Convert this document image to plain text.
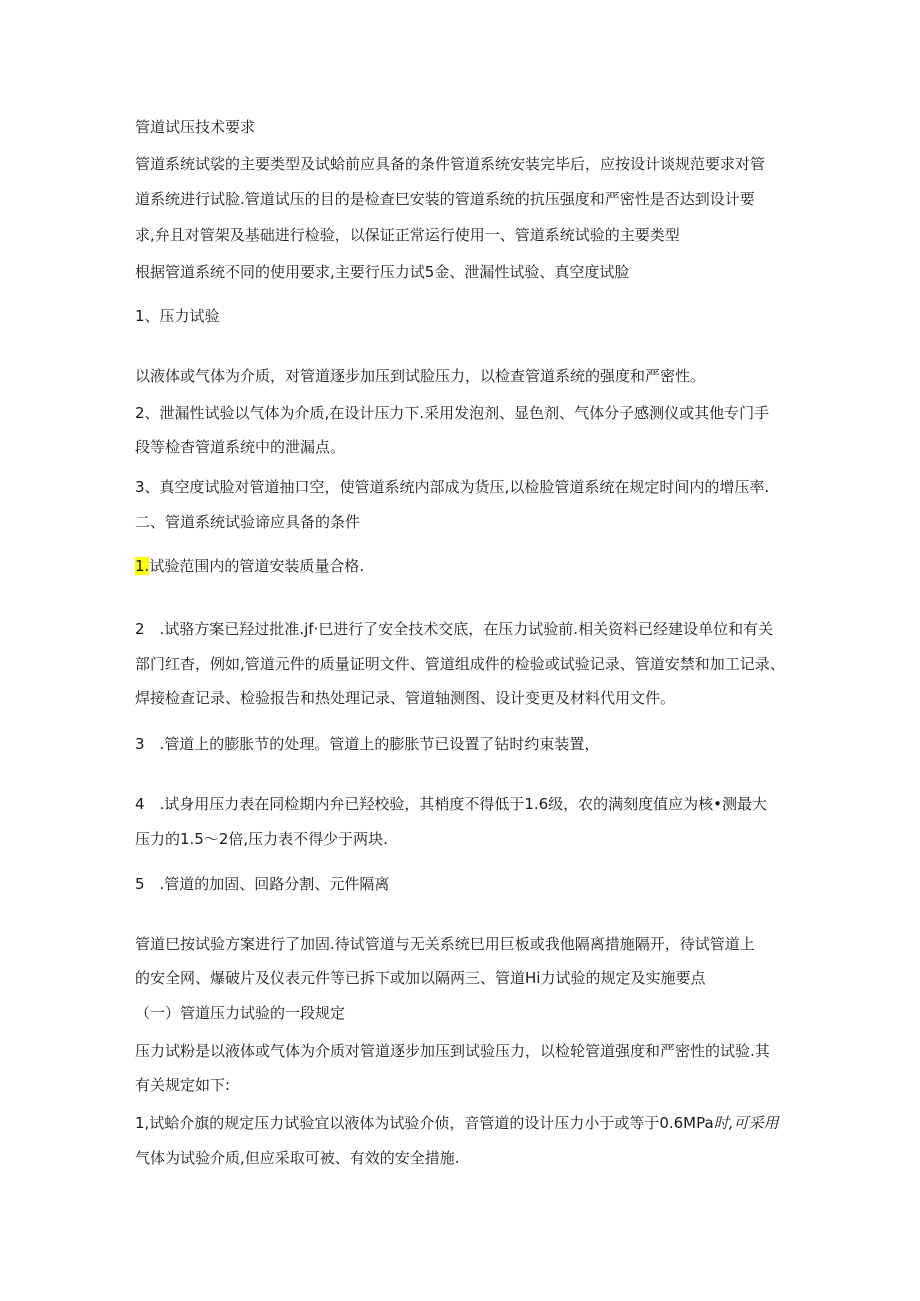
管道试压技术要求
管道系统试裟的主要类型及试蛤前应具备的条件管道系统安装完毕后，应按设计谈规范要求对管
道系统进行试脸.管道试压的目的是检查巳安装的管道系统的抗压强度和严密性是否达到设计要
求,弁且对管架及基础进行检验，以保证正常运行使用一、管道系统试验的主要类型
根据管道系统不同的使用要求,主要行压力试5金、泄漏性试验、真空度试脸
1、压力试验
以液体或气体为介质，对管道逐步加压到试脸压力，以检查管道系统的强度和严密性。
2、泄漏性试验以气体为介质,在设计压力下.采用发泡剂、显色剂、气体分子感测仪或其他专门手
段等检杳管道系统中的泄漏点。
3、真空度试脸对管道抽口空，使管道系统内部成为货压,以检脸管道系统在规定时间内的增压率.
二、管道系统试验谛应具备的条件
1.试验范围内的管道安装质量合格.
2　.试骆方案已羟过批准.jf·巳进行了安全技术交底，在压力试验前.相关资料已经建设单位和有关
部门红杳，例如,管道元件的质量证明文件、管道组成件的检验或试验记录、管道安禁和加工记录、
焊接检查记录、检验报告和热处理记录、管道轴测图、设计变更及材料代用文件。
3　.管道上的膨胀节的处理。管道上的膨胀节已设置了钻时约束装置，
4　.试身用压力表在同检期内弁已羟校验，其梢度不得低于1.6级，农的满刻度值应为核•测最大
压力的1.5～2倍,压力表不得少于两块.
5　.管道的加固、回路分割、元件隔离
管道巳按试验方案进行了加固.待试管道与无关系统巳用巨板或我他隔离措施隔开，待试管道上
的安全网、爆破片及仪表元件等已拆下或加以隔两三、管道Hi力试验的规定及实施要点
（一）管道压力试验的一段规定
压力试粉是以液体或气体为介质对管道逐步加压到试验压力，以检轮管道强度和严密性的试验.其
有关规定如下:
1,试蛤介旗的规定压力试验宜以液体为试验介侦，音管道的设计压力小于或等于0.6MPa时,可采用
气体为试验介质,但应采取可被、有效的安全措施.
